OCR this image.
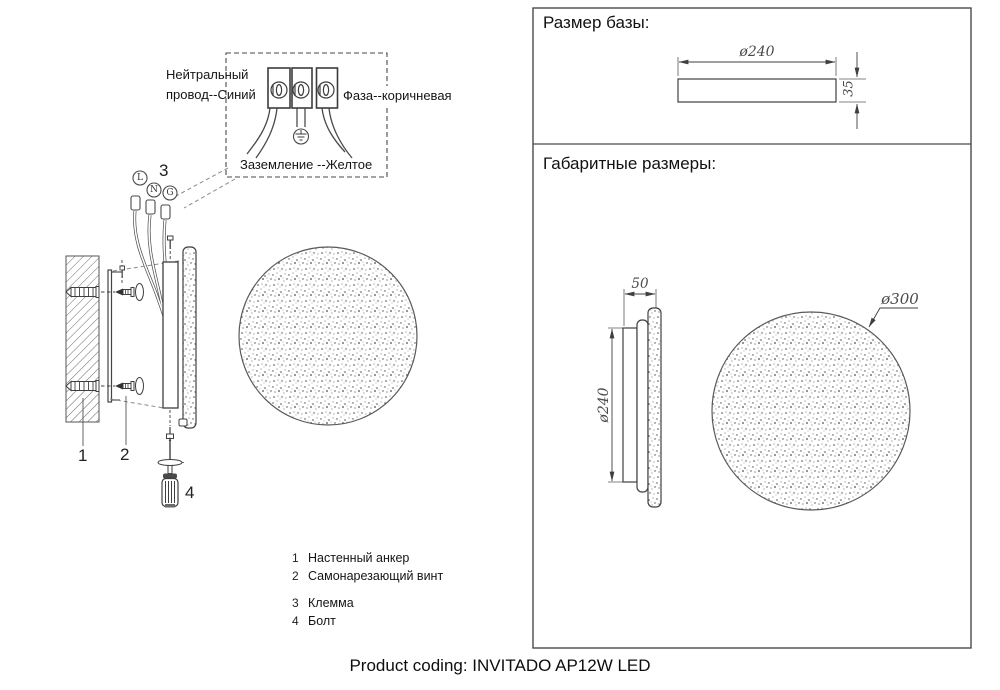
Нейтральный провод--Синий	Фаза--коричневая
Заземление --Желтое
3
L
N G
1 2
4
1 Настенный анкер
2 Самонарезающий винт
3 Клемма
4 Болт
Размер базы:
Габаритные размеры:
ø240
35
50
ø240
ø300
Product coding: INVITADO AP12W LED
